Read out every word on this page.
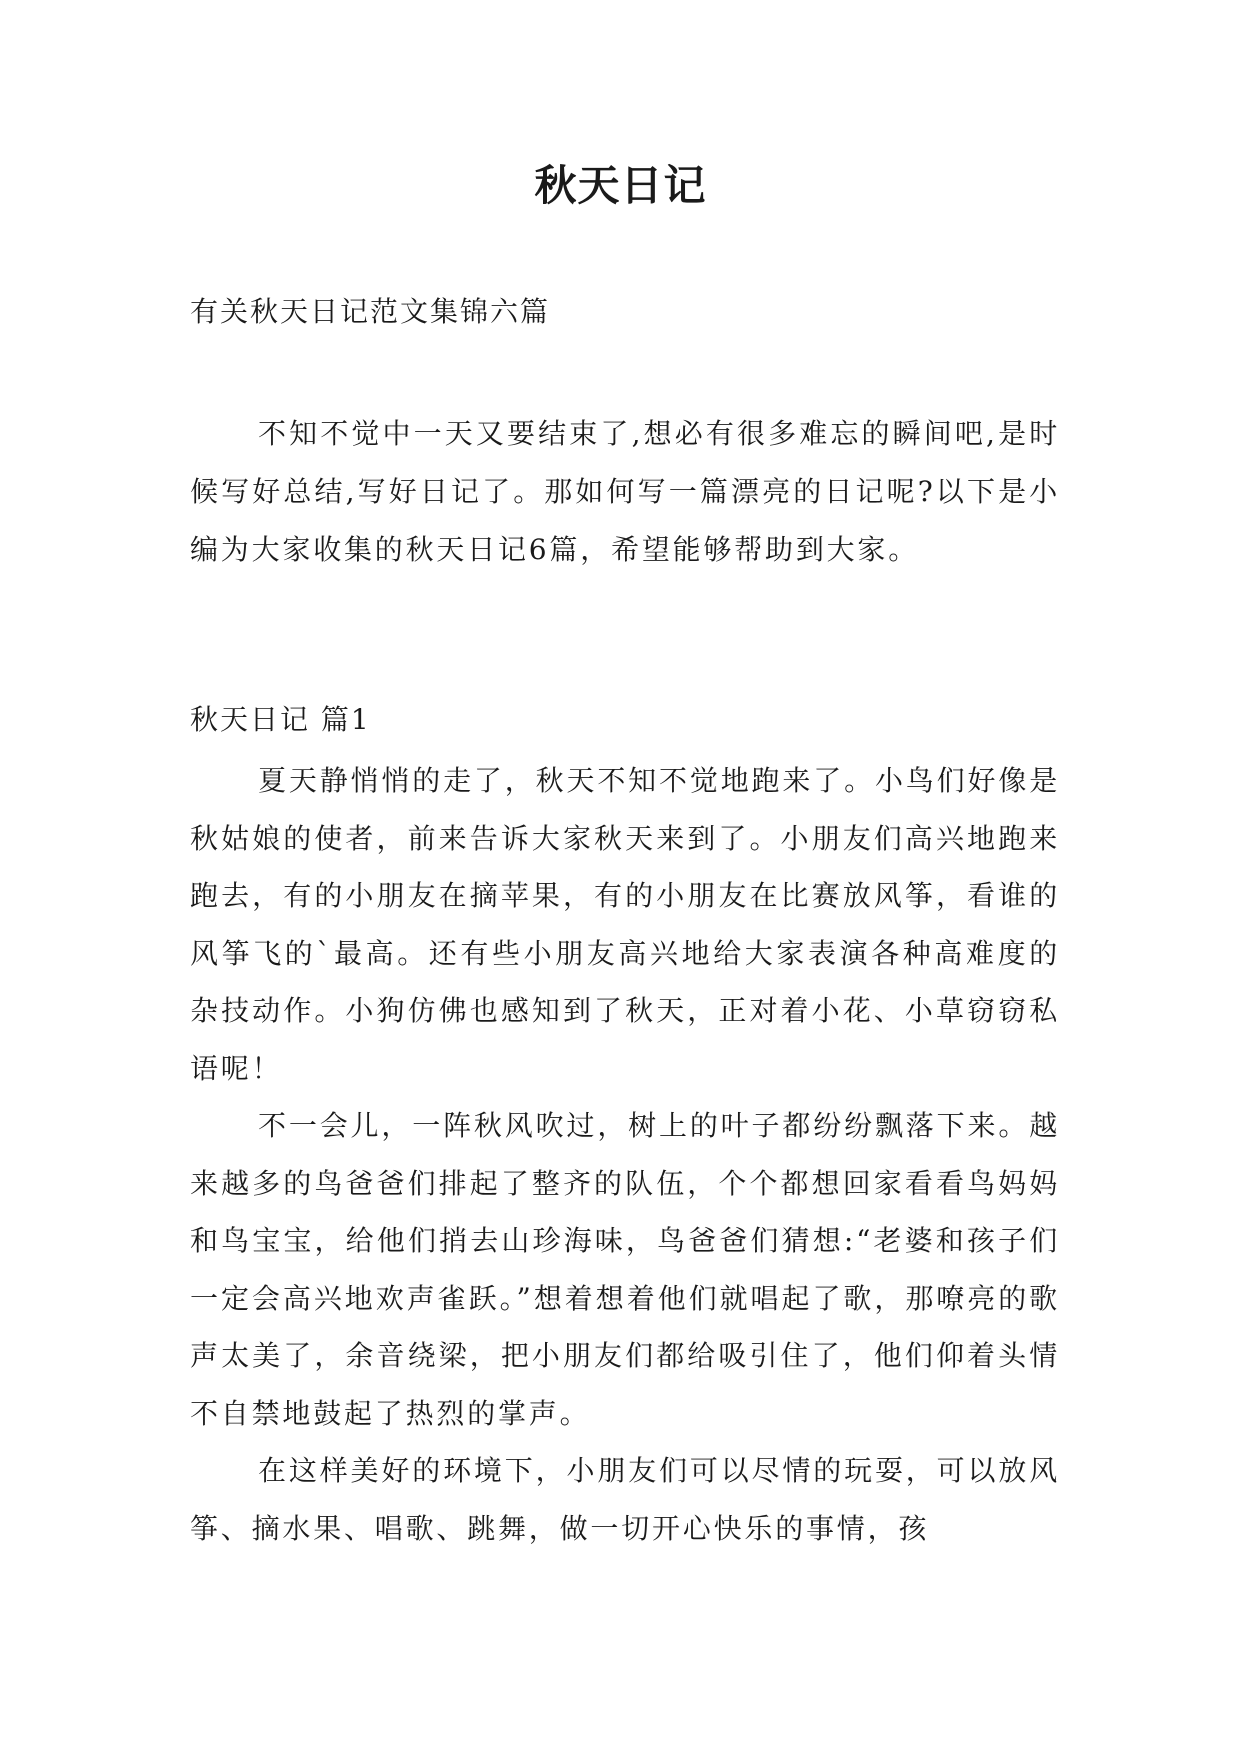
秋天日记

有关秋天日记范文集锦六篇

不知不觉中一天又要结束了,想必有很多难忘的瞬间吧,是时候写好总结,写好日记了。那如何写一篇漂亮的日记呢?以下是小编为大家收集的秋天日记6篇，希望能够帮助到大家。

秋天日记 篇1

夏天静悄悄的走了，秋天不知不觉地跑来了。小鸟们好像是秋姑娘的使者，前来告诉大家秋天来到了。小朋友们高兴地跑来跑去，有的小朋友在摘苹果，有的小朋友在比赛放风筝，看谁的风筝飞的`最高。还有些小朋友高兴地给大家表演各种高难度的杂技动作。小狗仿佛也感知到了秋天，正对着小花、小草窃窃私语呢！

不一会儿，一阵秋风吹过，树上的叶子都纷纷飘落下来。越来越多的鸟爸爸们排起了整齐的队伍，个个都想回家看看鸟妈妈和鸟宝宝，给他们捎去山珍海味，鸟爸爸们猜想:“老婆和孩子们一定会高兴地欢声雀跃。”想着想着他们就唱起了歌，那嘹亮的歌声太美了，余音绕梁，把小朋友们都给吸引住了，他们仰着头情不自禁地鼓起了热烈的掌声。

在这样美好的环境下，小朋友们可以尽情的玩耍，可以放风筝、摘水果、唱歌、跳舞，做一切开心快乐的事情，孩
